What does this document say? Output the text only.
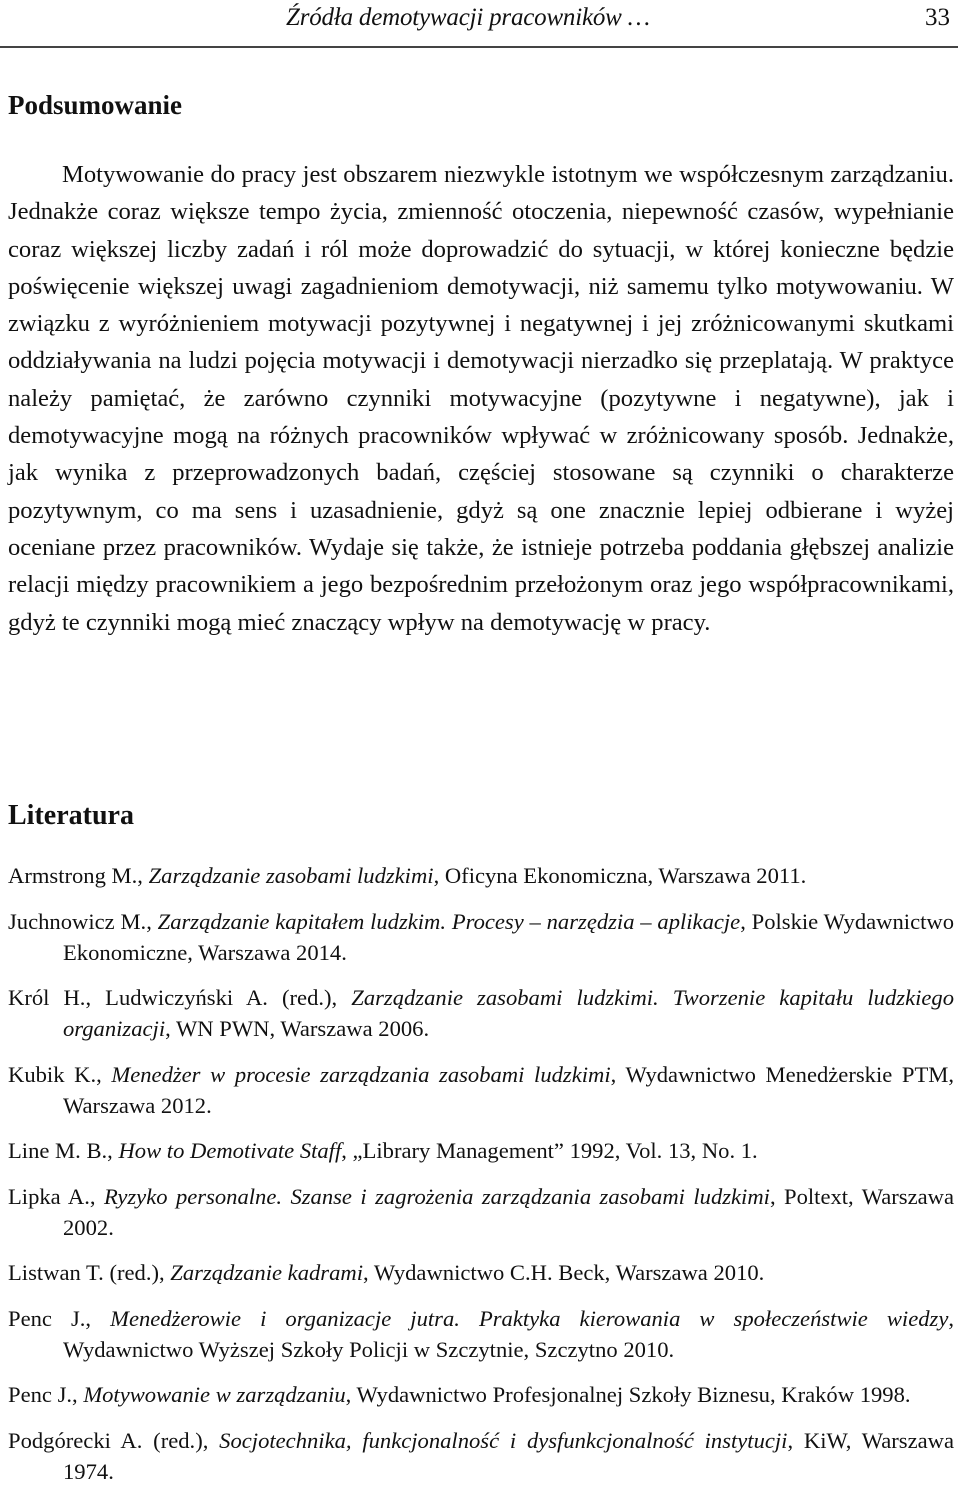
Źródła demotywacji pracowników …	33
Podsumowanie

Motywowanie do pracy jest obszarem niezwykle istotnym we współczesnym zarządzaniu. Jednakże coraz większe tempo życia, zmienność otoczenia, niepewność czasów, wypełnianie coraz większej liczby zadań i ról może doprowadzić do sytuacji, w której konieczne będzie poświęcenie większej uwagi zagadnieniom demotywacji, niż samemu tylko motywowaniu. W związku z wyróżnieniem motywacji pozytywnej i negatywnej i jej zróżnicowanymi skutkami oddziaływania na ludzi pojęcia motywacji i demotywacji nierzadko się przeplatają. W praktyce należy pamiętać, że zarówno czynniki motywacyjne (pozytywne i negatywne), jak i demotywacyjne mogą na różnych pracowników wpływać w zróżnicowany sposób. Jednakże, jak wynika z przeprowadzonych badań, częściej stosowane są czynniki o charakterze pozytywnym, co ma sens i uzasadnienie, gdyż są one znacznie lepiej odbierane i wyżej oceniane przez pracowników. Wydaje się także, że istnieje potrzeba poddania głębszej analizie relacji między pracownikiem a jego bezpośrednim przełożonym oraz jego współpracownikami, gdyż te czynniki mogą mieć znaczący wpływ na demotywację w pracy.

Literatura
Armstrong M., Zarządzanie zasobami ludzkimi, Oficyna Ekonomiczna, Warszawa 2011.
Juchnowicz M., Zarządzanie kapitałem ludzkim. Procesy – narzędzia – aplikacje, Polskie Wydawnictwo Ekonomiczne, Warszawa 2014.
Król H., Ludwiczyński A. (red.), Zarządzanie zasobami ludzkimi. Tworzenie kapitału ludzkiego organizacji, WN PWN, Warszawa 2006.
Kubik K., Menedżer w procesie zarządzania zasobami ludzkimi, Wydawnictwo Menedżerskie PTM, Warszawa 2012.
Line M. B., How to Demotivate Staff, „Library Management” 1992, Vol. 13, No. 1.
Lipka A., Ryzyko personalne. Szanse i zagrożenia zarządzania zasobami ludzkimi, Poltext, Warszawa 2002.
Listwan T. (red.), Zarządzanie kadrami, Wydawnictwo C.H. Beck, Warszawa 2010.
Penc J., Menedżerowie i organizacje jutra. Praktyka kierowania w społeczeństwie wiedzy, Wydawnictwo Wyższej Szkoły Policji w Szczytnie, Szczytno 2010.
Penc J., Motywowanie w zarządzaniu, Wydawnictwo Profesjonalnej Szkoły Biznesu, Kraków 1998.
Podgórecki A. (red.), Socjotechnika, funkcjonalność i dysfunkcjonalność instytucji, KiW, Warszawa 1974.
